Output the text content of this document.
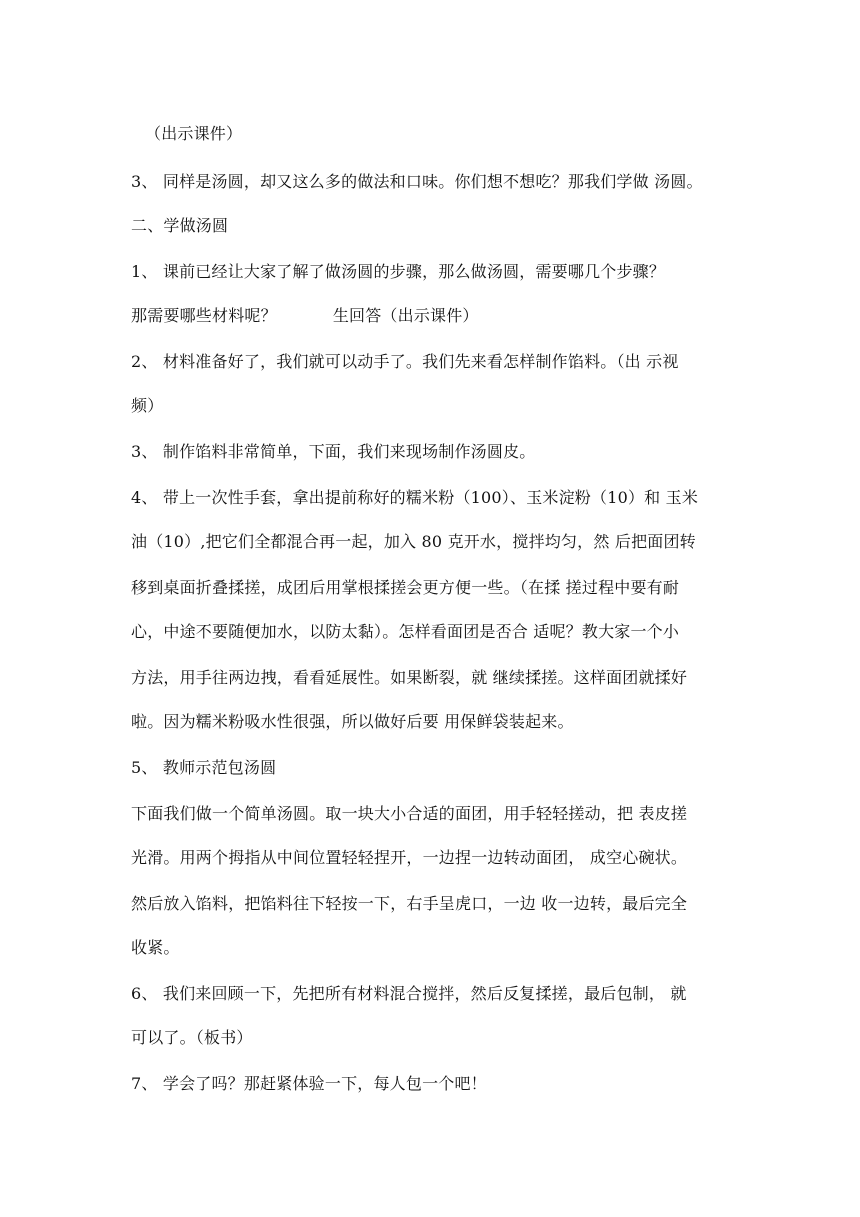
（出示课件）
3、 同样是汤圆，却又这么多的做法和口味。你们想不想吃？那我们学做 汤圆。
二、学做汤圆
1、 课前已经让大家了解了做汤圆的步骤，那么做汤圆，需要哪几个步骤？
那需要哪些材料呢？	生回答（出示课件）
2、 材料准备好了，我们就可以动手了。我们先来看怎样制作馅料。（出 示视
频）
3、 制作馅料非常简单，下面，我们来现场制作汤圆皮。
4、 带上一次性手套，拿出提前称好的糯米粉（100）、玉米淀粉（10）和 玉米
油（10）,把它们全都混合再一起，加入 80 克开水，搅拌均匀，然 后把面团转
移到桌面折叠揉搓，成团后用掌根揉搓会更方便一些。（在揉 搓过程中要有耐
心，中途不要随便加水，以防太黏）。怎样看面团是否合 适呢？教大家一个小
方法，用手往两边拽，看看延展性。如果断裂，就 继续揉搓。这样面团就揉好
啦。因为糯米粉吸水性很强，所以做好后要 用保鲜袋装起来。
5、 教师示范包汤圆
下面我们做一个简单汤圆。取一块大小合适的面团，用手轻轻搓动，把 表皮搓
光滑。用两个拇指从中间位置轻轻捏开，一边捏一边转动面团， 成空心碗状。
然后放入馅料，把馅料往下轻按一下，右手呈虎口，一边 收一边转，最后完全
收紧。
6、 我们来回顾一下，先把所有材料混合搅拌，然后反复揉搓，最后包制， 就
可以了。（板书）
7、 学会了吗？那赶紧体验一下，每人包一个吧！
